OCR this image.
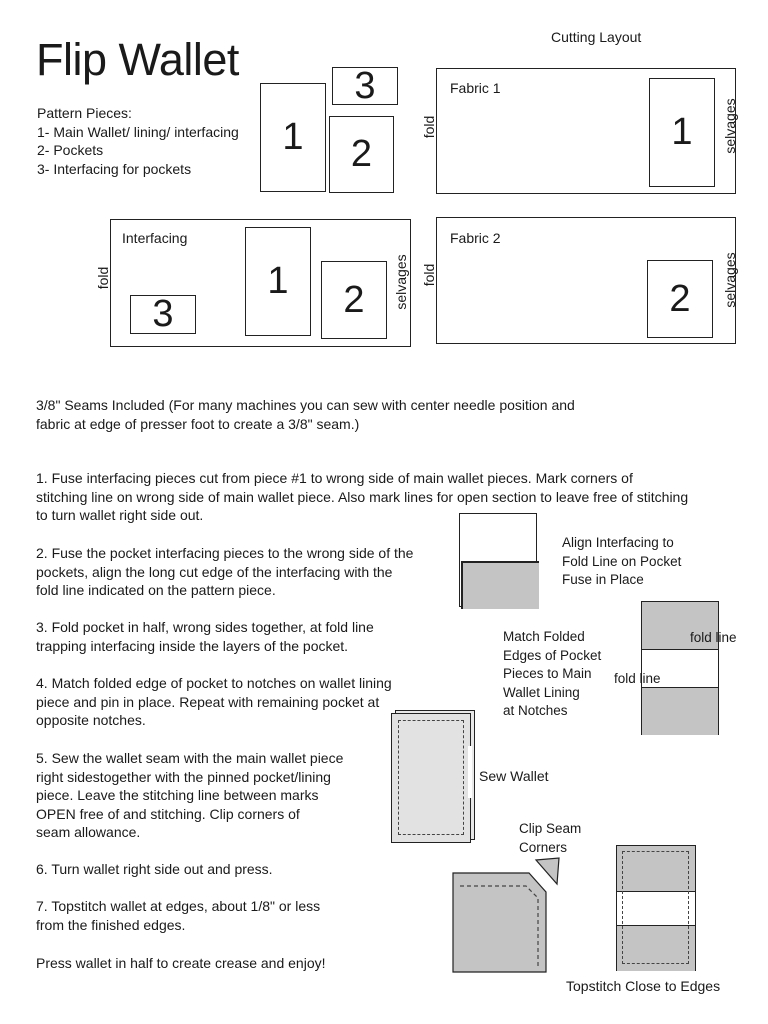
Flip Wallet	Cutting Layout
Pattern Pieces:
1- Main Wallet/ lining/ interfacing
2- Pockets
3- Interfacing for pockets
1
3
2
Fabric 1
1
fold	selvages
Interfacing
3
1	2
fold	selvages
Fabric 2
2
fold	selvages
3/8" Seams Included (For many machines you can sew with center needle position and
fabric at edge of presser foot to create a 3/8" seam.)
1. Fuse interfacing pieces cut from piece #1 to wrong side of main wallet pieces. Mark corners of
stitching line on wrong side of main wallet piece. Also mark lines for open section to leave free of stitching
to turn wallet right side out.
2. Fuse the pocket interfacing pieces to the wrong side of the
pockets, align the long cut edge of the interfacing with the
fold line indicated on the pattern piece.
3. Fold pocket in half, wrong sides together, at fold line
trapping interfacing inside the layers of the pocket.
4. Match folded edge of pocket to notches on wallet lining
piece and pin in place. Repeat with remaining pocket at
opposite notches.
5. Sew the wallet seam with the main wallet piece
right sidestogether with the pinned pocket/lining
piece. Leave the stitching line between marks
OPEN free of and stitching. Clip corners of
seam allowance.
6. Turn wallet right side out and press.
7. Topstitch wallet at edges, about 1/8" or less
from the finished edges.
Press wallet in half to create crease and enjoy!
Align Interfacing to
Fold Line on Pocket
Fuse in Place
Match Folded
Edges of Pocket
Pieces to Main
Wallet Lining
at Notches
fold line
fold line
Sew Wallet
Clip Seam
Corners
Topstitch Close to Edges
